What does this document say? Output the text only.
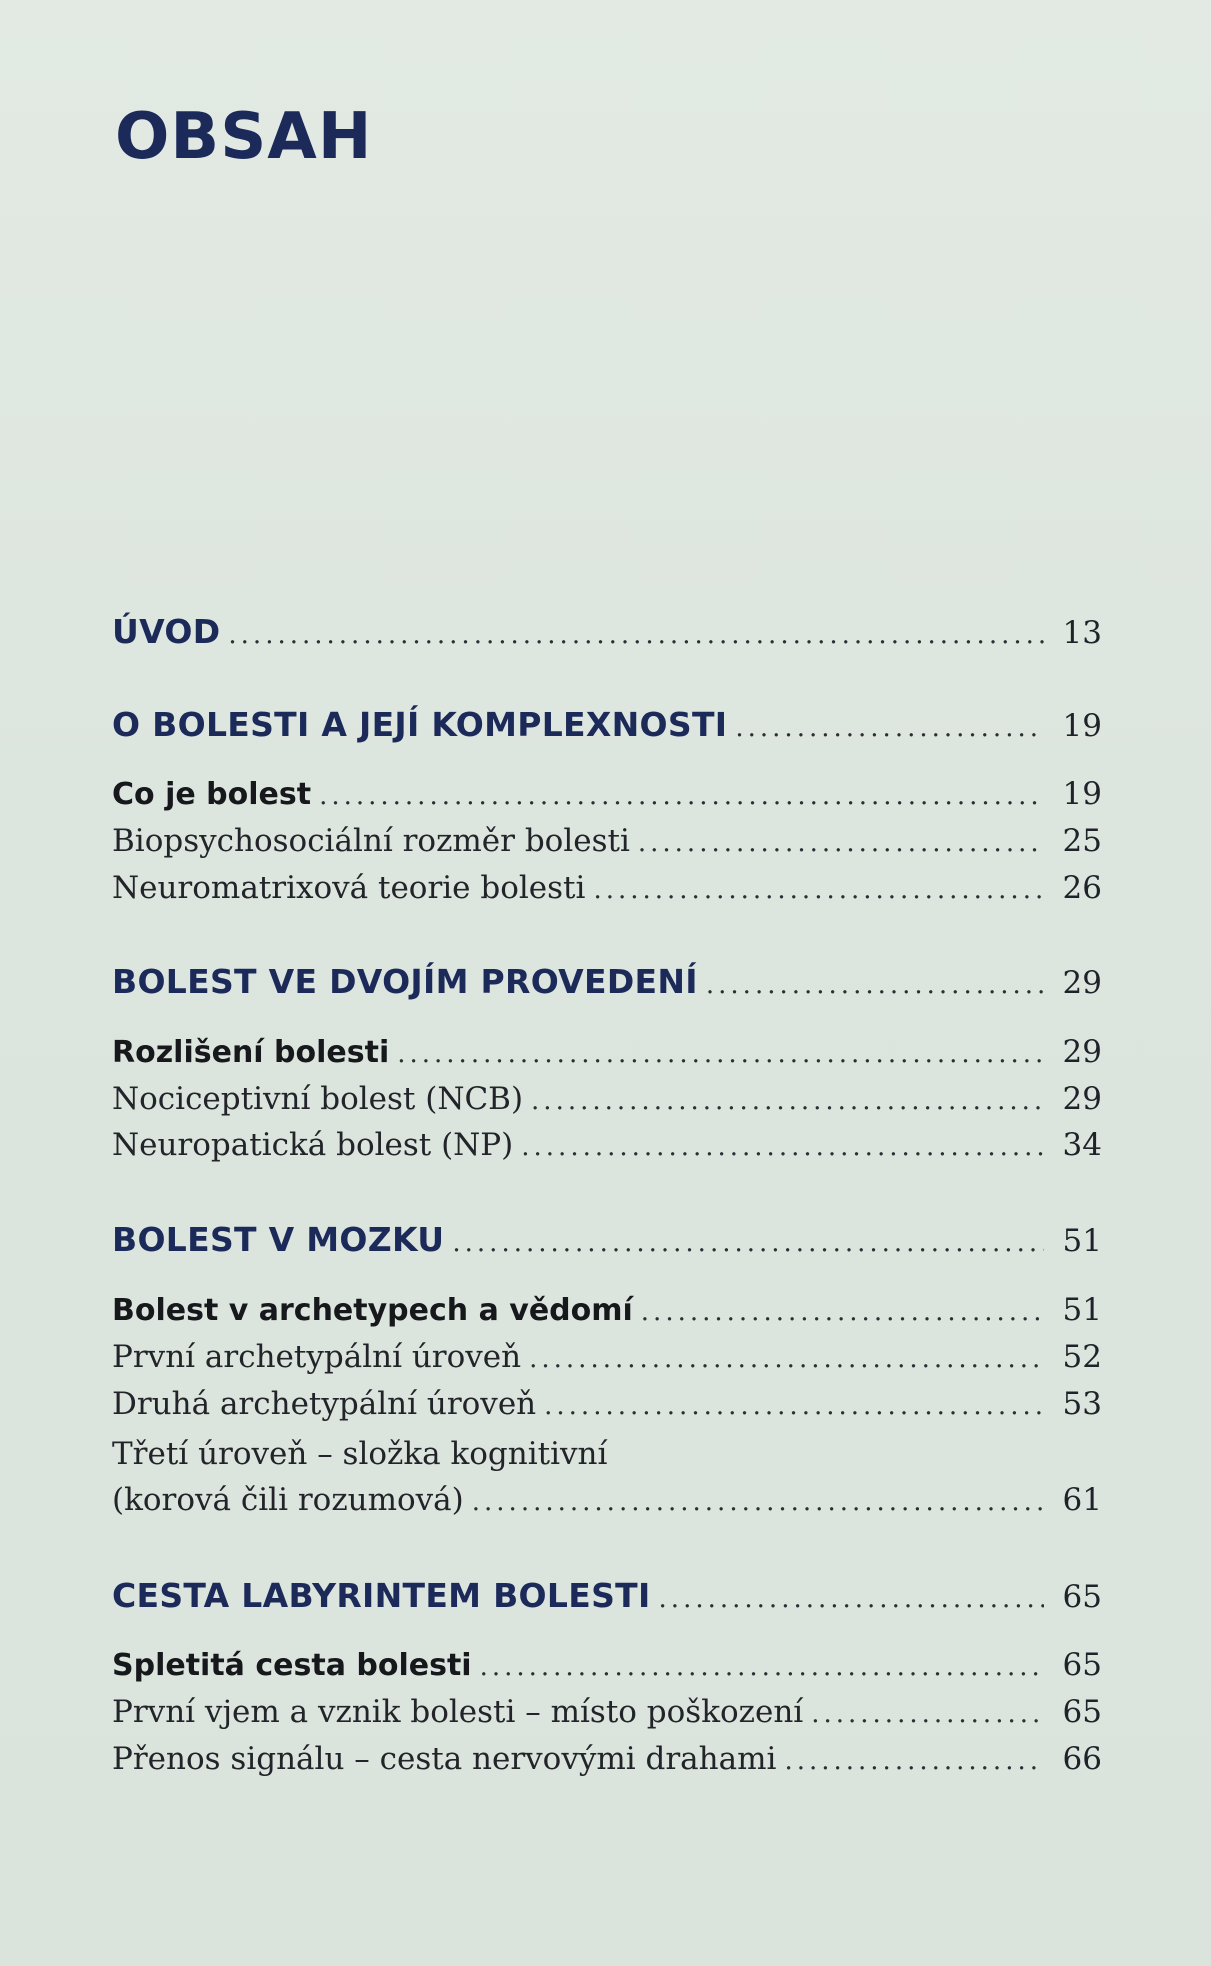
OBSAH
ÚVOD .....	13
O BOLESTI A JEJÍ KOMPLEXNOSTI .....	19
Co je bolest .....	19
Biopsychosociální rozměr bolesti .....	25
Neuromatrixová teorie bolesti .....	26
BOLEST VE DVOJÍM PROVEDENÍ .....	29
Rozlišení bolesti .....	29
Nociceptivní bolest (NCB) .....	29
Neuropatická bolest (NP) .....	34
BOLEST V MOZKU .....	51
Bolest v archetypech a vědomí .....	51
První archetypální úroveň .....	52
Druhá archetypální úroveň .....	53
Třetí úroveň – složka kognitivní
(korová čili rozumová) .....	61
CESTA LABYRINTEM BOLESTI .....	65
Spletitá cesta bolesti .....	65
První vjem a vznik bolesti – místo poškození .....	65
Přenos signálu – cesta nervovými drahami .....	66
